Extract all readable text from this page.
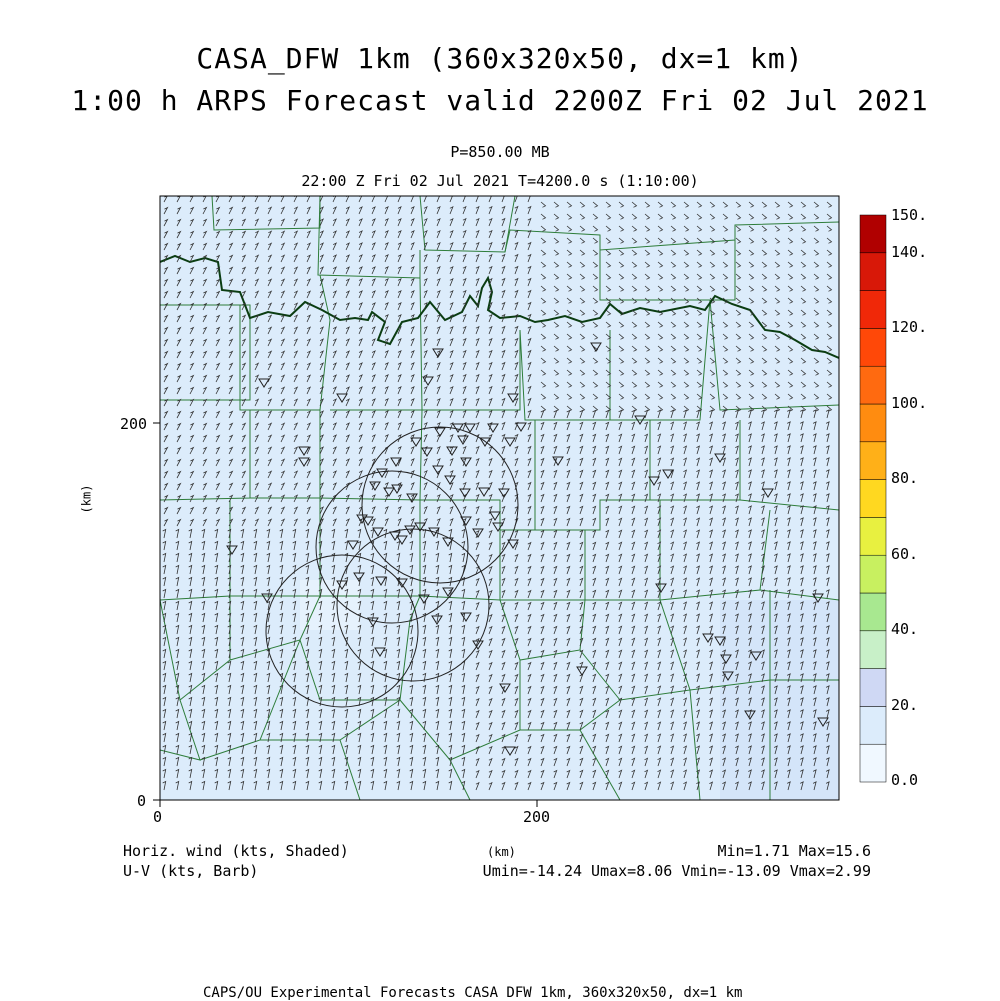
CASA_DFW 1km (360x320x50, dx=1 km)
1:00 h ARPS Forecast valid 2200Z Fri 02 Jul 2021
P=850.00 MB
22:00 Z Fri 02 Jul 2021 T=4200.0 s (1:10:00)
0	200
0
200
(km)
(km)
150.
140.
120.
100.
80.
60.
40.
20.
0.0
Horiz. wind (kts, Shaded)
U-V (kts, Barb)
Min=1.71 Max=15.6
Umin=-14.24 Umax=8.06 Vmin=-13.09 Vmax=2.99
CAPS/OU Experimental Forecasts CASA DFW 1km, 360x320x50, dx=1 km
